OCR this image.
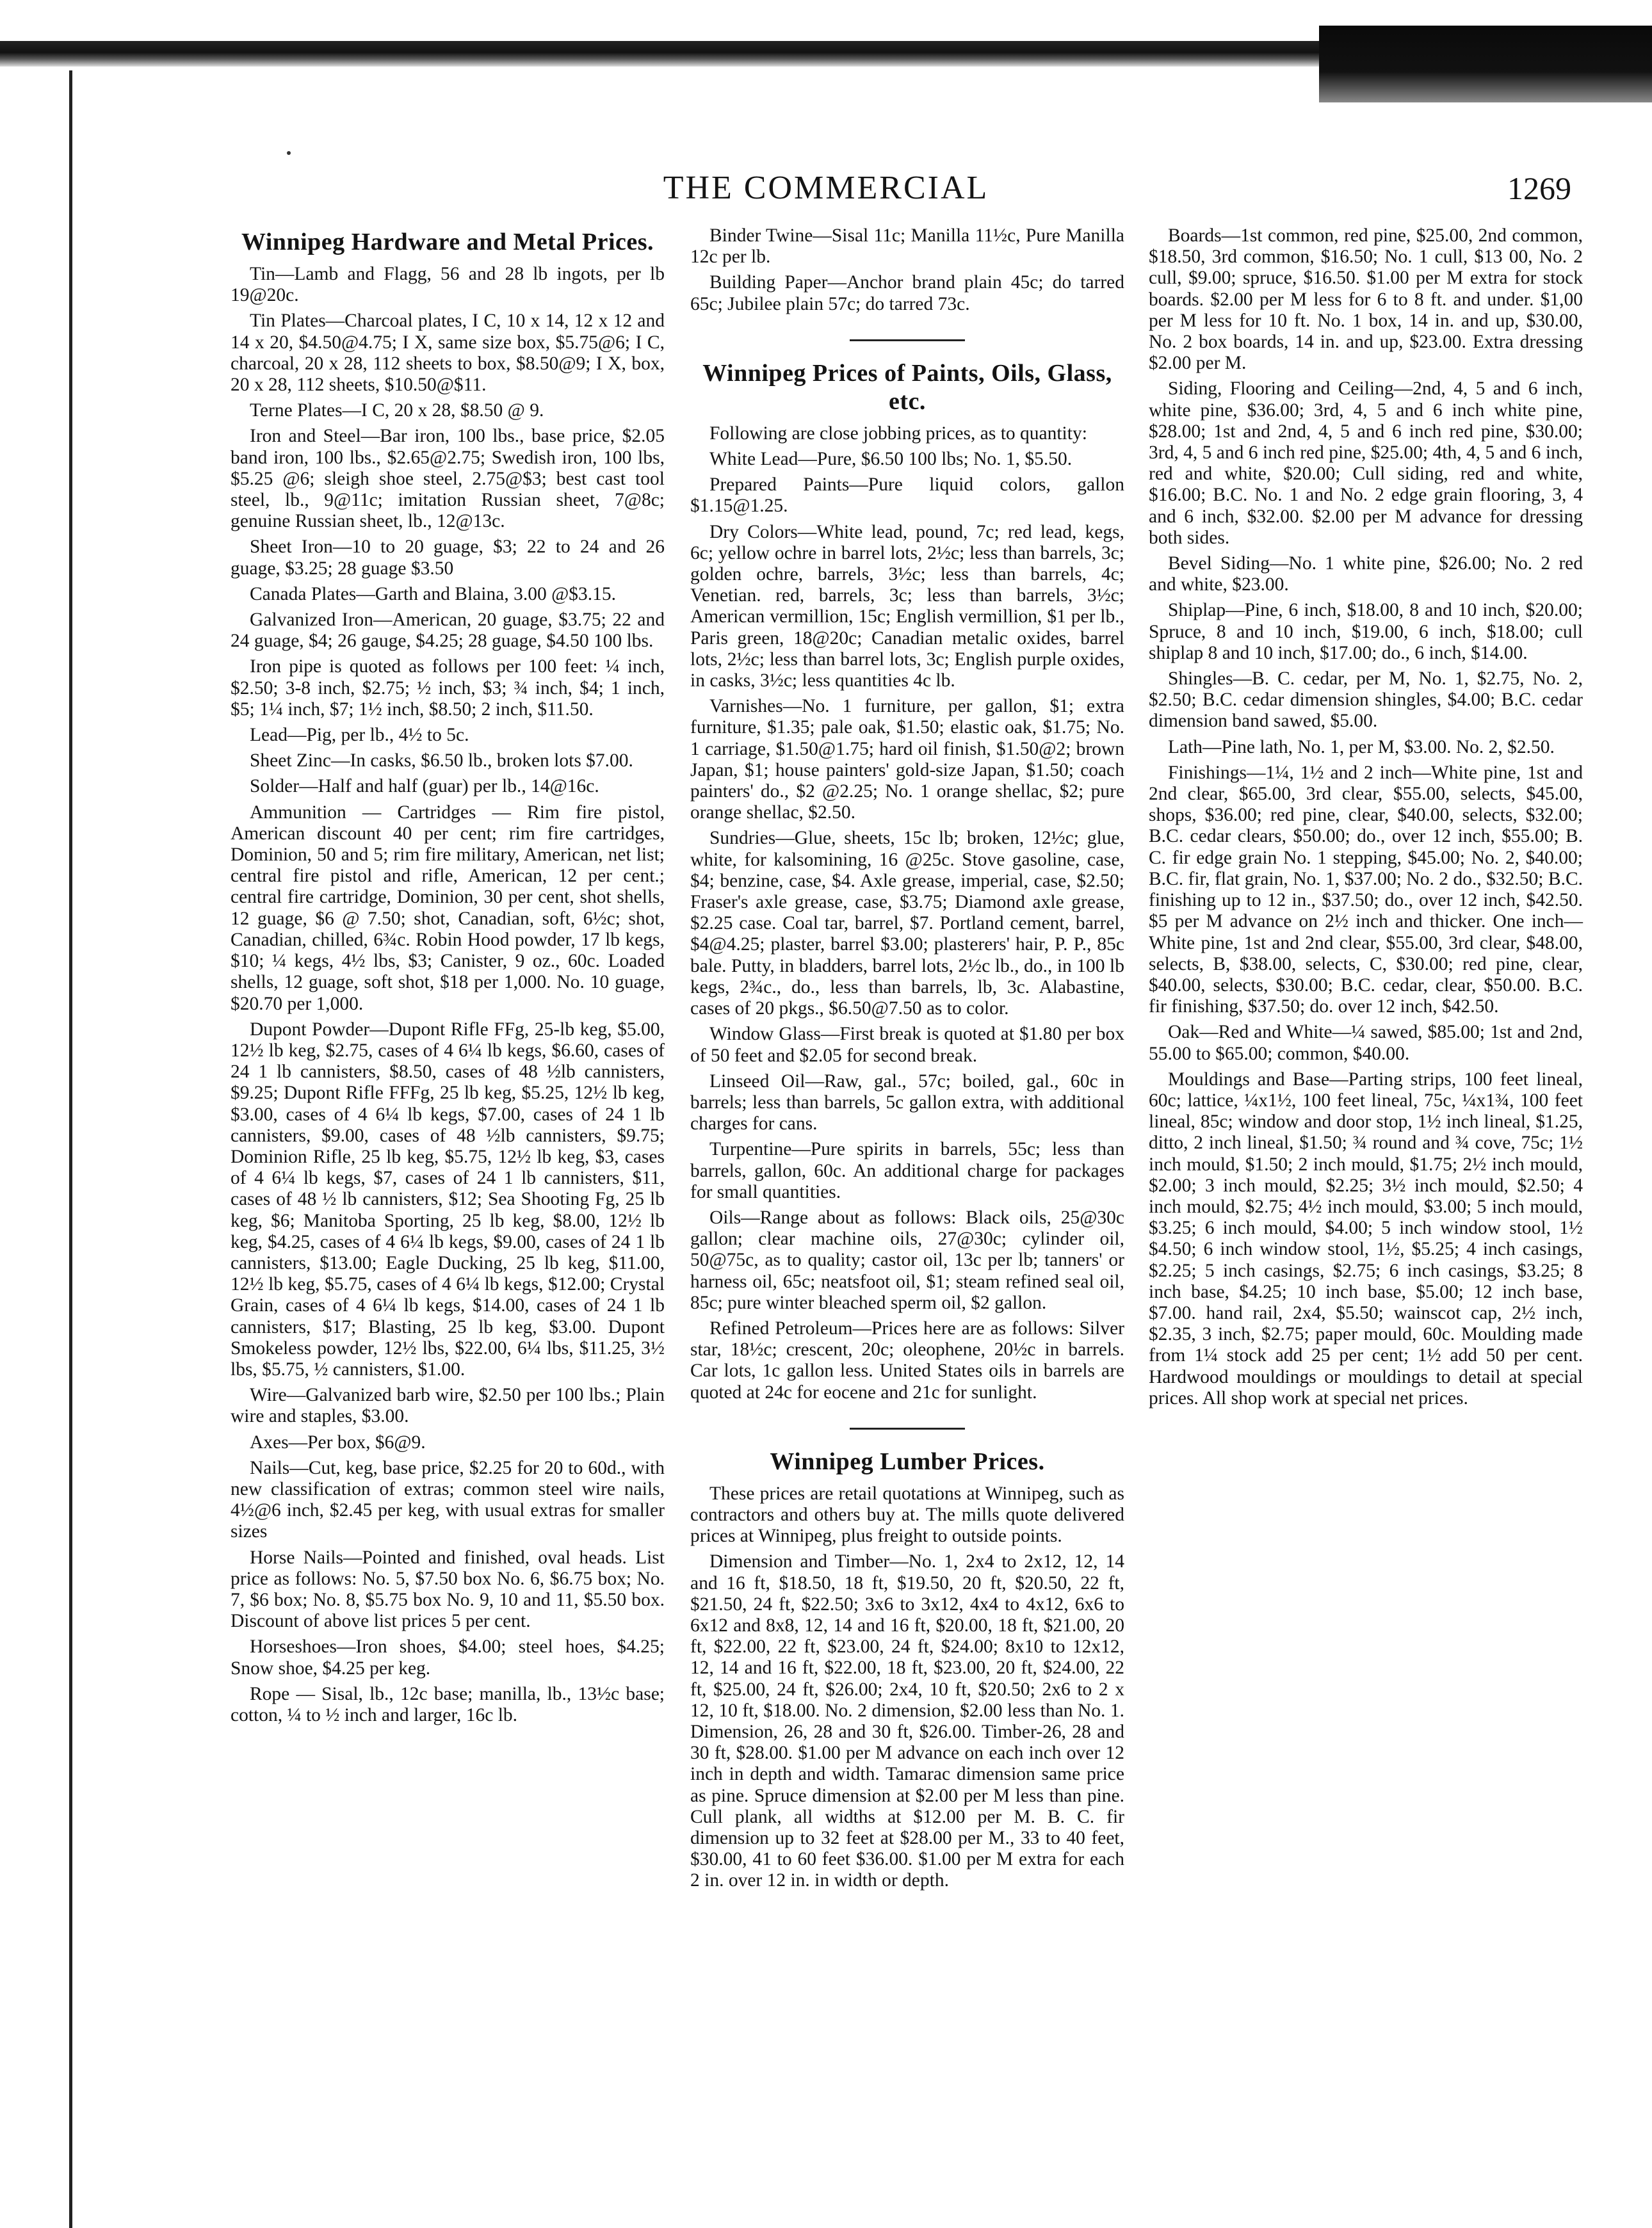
THE COMMERCIAL	1269
Winnipeg Hardware and Metal Prices.

Tin—Lamb and Flagg, 56 and 28 lb ingots, per lb 19@20c.

Tin Plates—Charcoal plates, I C, 10 x 14, 12 x 12 and 14 x 20, $4.50@4.75; I X, same size box, $5.75@6; I C, charcoal, 20 x 28, 112 sheets to box, $8.50@9; I X, box, 20 x 28, 112 sheets, $10.50@$11.

Terne Plates—I C, 20 x 28, $8.50 @ 9.

Iron and Steel—Bar iron, 100 lbs., base price, $2.05 band iron, 100 lbs., $2.65@2.75; Swedish iron, 100 lbs, $5.25 @6; sleigh shoe steel, 2.75@$3; best cast tool steel, lb., 9@11c; imitation Russian sheet, 7@8c; genuine Russian sheet, lb., 12@13c.

Sheet Iron—10 to 20 guage, $3; 22 to 24 and 26 guage, $3.25; 28 guage $3.50

Canada Plates—Garth and Blaina, 3.00 @$3.15.

Galvanized Iron—American, 20 guage, $3.75; 22 and 24 guage, $4; 26 gauge, $4.25; 28 guage, $4.50 100 lbs.

Iron pipe is quoted as follows per 100 feet: ¼ inch, $2.50; 3-8 inch, $2.75; ½ inch, $3; ¾ inch, $4; 1 inch, $5; 1¼ inch, $7; 1½ inch, $8.50; 2 inch, $11.50.

Lead—Pig, per lb., 4½ to 5c.

Sheet Zinc—In casks, $6.50 lb., broken lots $7.00.

Solder—Half and half (guar) per lb., 14@16c.

Ammunition — Cartridges — Rim fire pistol, American discount 40 per cent; rim fire cartridges, Dominion, 50 and 5; rim fire military, American, net list; central fire pistol and rifle, American, 12 per cent.; central fire cartridge, Dominion, 30 per cent, shot shells, 12 guage, $6 @ 7.50; shot, Canadian, soft, 6½c; shot, Canadian, chilled, 6¾c. Robin Hood powder, 17 lb kegs, $10; ¼ kegs, 4½ lbs, $3; Canister, 9 oz., 60c. Loaded shells, 12 guage, soft shot, $18 per 1,000. No. 10 guage, $20.70 per 1,000.

Dupont Powder—Dupont Rifle FFg, 25-lb keg, $5.00, 12½ lb keg, $2.75, cases of 4 6¼ lb kegs, $6.60, cases of 24 1 lb cannisters, $8.50, cases of 48 ½lb cannisters, $9.25; Dupont Rifle FFFg, 25 lb keg, $5.25, 12½ lb keg, $3.00, cases of 4 6¼ lb kegs, $7.00, cases of 24 1 lb cannisters, $9.00, cases of 48 ½lb cannisters, $9.75; Dominion Rifle, 25 lb keg, $5.75, 12½ lb keg, $3, cases of 4 6¼ lb kegs, $7, cases of 24 1 lb cannisters, $11, cases of 48 ½ lb cannisters, $12; Sea Shooting Fg, 25 lb keg, $6; Manitoba Sporting, 25 lb keg, $8.00, 12½ lb keg, $4.25, cases of 4 6¼ lb kegs, $9.00, cases of 24 1 lb cannisters, $13.00; Eagle Ducking, 25 lb keg, $11.00, 12½ lb keg, $5.75, cases of 4 6¼ lb kegs, $12.00; Crystal Grain, cases of 4 6¼ lb kegs, $14.00, cases of 24 1 lb cannisters, $17; Blasting, 25 lb keg, $3.00. Dupont Smokeless powder, 12½ lbs, $22.00, 6¼ lbs, $11.25, 3½ lbs, $5.75, ½ cannisters, $1.00.

Wire—Galvanized barb wire, $2.50 per 100 lbs.; Plain wire and staples, $3.00.

Axes—Per box, $6@9.

Nails—Cut, keg, base price, $2.25 for 20 to 60d., with new classification of extras; common steel wire nails, 4½@6 inch, $2.45 per keg, with usual extras for smaller sizes

Horse Nails—Pointed and finished, oval heads. List price as follows: No. 5, $7.50 box No. 6, $6.75 box; No. 7, $6 box; No. 8, $5.75 box No. 9, 10 and 11, $5.50 box. Discount of above list prices 5 per cent.

Horseshoes—Iron shoes, $4.00; steel hoes, $4.25; Snow shoe, $4.25 per keg.

Rope — Sisal, lb., 12c base; manilla, lb., 13½c base; cotton, ¼ to ½ inch and larger, 16c lb.

Binder Twine—Sisal 11c; Manilla 11½c, Pure Manilla 12c per lb.

Building Paper—Anchor brand plain 45c; do tarred 65c; Jubilee plain 57c; do tarred 73c.

Winnipeg Prices of Paints, Oils, Glass, etc.

Following are close jobbing prices, as to quantity:

White Lead—Pure, $6.50 100 lbs; No. 1, $5.50.

Prepared Paints—Pure liquid colors, gallon $1.15@1.25.

Dry Colors—White lead, pound, 7c; red lead, kegs, 6c; yellow ochre in barrel lots, 2½c; less than barrels, 3c; golden ochre, barrels, 3½c; less than barrels, 4c; Venetian. red, barrels, 3c; less than barrels, 3½c; American vermillion, 15c; English vermillion, $1 per lb., Paris green, 18@20c; Canadian metalic oxides, barrel lots, 2½c; less than barrel lots, 3c; English purple oxides, in casks, 3½c; less quantities 4c lb.

Varnishes—No. 1 furniture, per gallon, $1; extra furniture, $1.35; pale oak, $1.50; elastic oak, $1.75; No. 1 carriage, $1.50@1.75; hard oil finish, $1.50@2; brown Japan, $1; house painters' gold-size Japan, $1.50; coach painters' do., $2 @2.25; No. 1 orange shellac, $2; pure orange shellac, $2.50.

Sundries—Glue, sheets, 15c lb; broken, 12½c; glue, white, for kalsomining, 16 @25c. Stove gasoline, case, $4; benzine, case, $4. Axle grease, imperial, case, $2.50; Fraser's axle grease, case, $3.75; Diamond axle grease, $2.25 case. Coal tar, barrel, $7. Portland cement, barrel, $4@4.25; plaster, barrel $3.00; plasterers' hair, P. P., 85c bale. Putty, in bladders, barrel lots, 2½c lb., do., in 100 lb kegs, 2¾c., do., less than barrels, lb, 3c. Alabastine, cases of 20 pkgs., $6.50@7.50 as to color.

Window Glass—First break is quoted at $1.80 per box of 50 feet and $2.05 for second break.

Linseed Oil—Raw, gal., 57c; boiled, gal., 60c in barrels; less than barrels, 5c gallon extra, with additional charges for cans.

Turpentine—Pure spirits in barrels, 55c; less than barrels, gallon, 60c. An additional charge for packages for small quantities.

Oils—Range about as follows: Black oils, 25@30c gallon; clear machine oils, 27@30c; cylinder oil, 50@75c, as to quality; castor oil, 13c per lb; tanners' or harness oil, 65c; neatsfoot oil, $1; steam refined seal oil, 85c; pure winter bleached sperm oil, $2 gallon.

Refined Petroleum—Prices here are as follows: Silver star, 18½c; crescent, 20c; oleophene, 20½c in barrels. Car lots, 1c gallon less. United States oils in barrels are quoted at 24c for eocene and 21c for sunlight.

Winnipeg Lumber Prices.

These prices are retail quotations at Winnipeg, such as contractors and others buy at. The mills quote delivered prices at Winnipeg, plus freight to outside points.

Dimension and Timber—No. 1, 2x4 to 2x12, 12, 14 and 16 ft, $18.50, 18 ft, $19.50, 20 ft, $20.50, 22 ft, $21.50, 24 ft, $22.50; 3x6 to 3x12, 4x4 to 4x12, 6x6 to 6x12 and 8x8, 12, 14 and 16 ft, $20.00, 18 ft, $21.00, 20 ft, $22.00, 22 ft, $23.00, 24 ft, $24.00; 8x10 to 12x12, 12, 14 and 16 ft, $22.00, 18 ft, $23.00, 20 ft, $24.00, 22 ft, $25.00, 24 ft, $26.00; 2x4, 10 ft, $20.50; 2x6 to 2 x 12, 10 ft, $18.00. No. 2 dimension, $2.00 less than No. 1. Dimension, 26, 28 and 30 ft, $26.00. Timber-26, 28 and 30 ft, $28.00. $1.00 per M advance on each inch over 12 inch in depth and width. Tamarac dimension same price as pine. Spruce dimension at $2.00 per M less than pine. Cull plank, all widths at $12.00 per M. B. C. fir dimension up to 32 feet at $28.00 per M., 33 to 40 feet, $30.00, 41 to 60 feet $36.00. $1.00 per M extra for each 2 in. over 12 in. in width or depth.

Boards—1st common, red pine, $25.00, 2nd common, $18.50, 3rd common, $16.50; No. 1 cull, $13 00, No. 2 cull, $9.00; spruce, $16.50. $1.00 per M extra for stock boards. $2.00 per M less for 6 to 8 ft. and under. $1,00 per M less for 10 ft. No. 1 box, 14 in. and up, $30.00, No. 2 box boards, 14 in. and up, $23.00. Extra dressing $2.00 per M.

Siding, Flooring and Ceiling—2nd, 4, 5 and 6 inch, white pine, $36.00; 3rd, 4, 5 and 6 inch white pine, $28.00; 1st and 2nd, 4, 5 and 6 inch red pine, $30.00; 3rd, 4, 5 and 6 inch red pine, $25.00; 4th, 4, 5 and 6 inch, red and white, $20.00; Cull siding, red and white, $16.00; B.C. No. 1 and No. 2 edge grain flooring, 3, 4 and 6 inch, $32.00. $2.00 per M advance for dressing both sides.

Bevel Siding—No. 1 white pine, $26.00; No. 2 red and white, $23.00.

Shiplap—Pine, 6 inch, $18.00, 8 and 10 inch, $20.00; Spruce, 8 and 10 inch, $19.00, 6 inch, $18.00; cull shiplap 8 and 10 inch, $17.00; do., 6 inch, $14.00.

Shingles—B. C. cedar, per M, No. 1, $2.75, No. 2, $2.50; B.C. cedar dimension shingles, $4.00; B.C. cedar dimension band sawed, $5.00.

Lath—Pine lath, No. 1, per M, $3.00. No. 2, $2.50.

Finishings—1¼, 1½ and 2 inch—White pine, 1st and 2nd clear, $65.00, 3rd clear, $55.00, selects, $45.00, shops, $36.00; red pine, clear, $40.00, selects, $32.00; B.C. cedar clears, $50.00; do., over 12 inch, $55.00; B. C. fir edge grain No. 1 stepping, $45.00; No. 2, $40.00; B.C. fir, flat grain, No. 1, $37.00; No. 2 do., $32.50; B.C. finishing up to 12 in., $37.50; do., over 12 inch, $42.50. $5 per M advance on 2½ inch and thicker. One inch—White pine, 1st and 2nd clear, $55.00, 3rd clear, $48.00, selects, B, $38.00, selects, C, $30.00; red pine, clear, $40.00, selects, $30.00; B.C. cedar, clear, $50.00. B.C. fir finishing, $37.50; do. over 12 inch, $42.50.

Oak—Red and White—¼ sawed, $85.00; 1st and 2nd, 55.00 to $65.00; common, $40.00.

Mouldings and Base—Parting strips, 100 feet lineal, 60c; lattice, ¼x1½, 100 feet lineal, 75c, ¼x1¾, 100 feet lineal, 85c; window and door stop, 1½ inch lineal, $1.25, ditto, 2 inch lineal, $1.50; ¾ round and ¾ cove, 75c; 1½ inch mould, $1.50; 2 inch mould, $1.75; 2½ inch mould, $2.00; 3 inch mould, $2.25; 3½ inch mould, $2.50; 4 inch mould, $2.75; 4½ inch mould, $3.00; 5 inch mould, $3.25; 6 inch mould, $4.00; 5 inch window stool, 1½ $4.50; 6 inch window stool, 1½, $5.25; 4 inch casings, $2.25; 5 inch casings, $2.75; 6 inch casings, $3.25; 8 inch base, $4.25; 10 inch base, $5.00; 12 inch base, $7.00. hand rail, 2x4, $5.50; wainscot cap, 2½ inch, $2.35, 3 inch, $2.75; paper mould, 60c. Moulding made from 1¼ stock add 25 per cent; 1½ add 50 per cent. Hardwood mouldings or mouldings to detail at special prices. All shop work at special net prices.
